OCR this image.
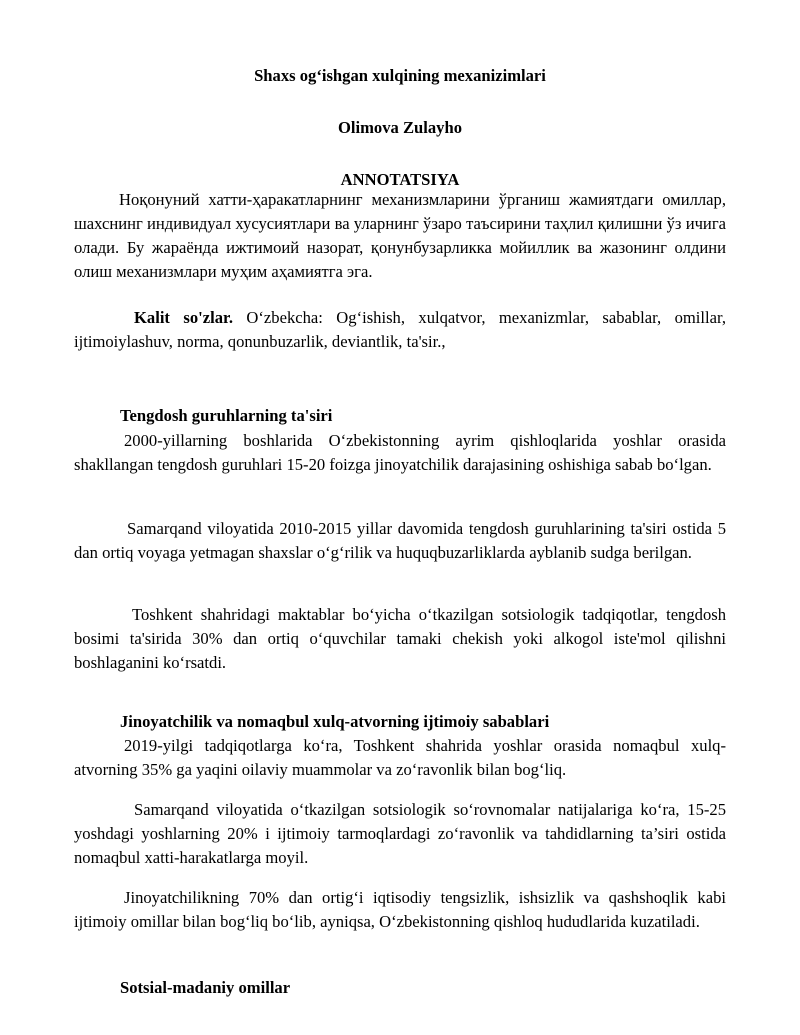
Shaxs og‘ishgan xulqining mexanizimlari
Olimova Zulayho
ANNOTATSIYA
Ноқонуний хатти-ҳаракатларнинг механизмларини ўрганиш жамиятдаги омиллар, шахснинг индивидуал хусусиятлари ва уларнинг ўзаро таъсирини таҳлил қилишни ўз ичига олади. Бу жараёнда ижтимоий назорат, қонунбузарликка мойиллик ва жазонинг олдини олиш механизмлари муҳим аҳамиятга эга.
Kalit so'zlar. O‘zbekcha: Og‘ishish, xulqatvor, mexanizmlar, sabablar, omillar, ijtimoiylashuv, norma, qonunbuzarlik, deviantlik, ta'sir.,
Tengdosh guruhlarning ta'siri
2000-yillarning boshlarida O‘zbekistonning ayrim qishloqlarida yoshlar orasida shakllangan tengdosh guruhlari 15-20 foizga jinoyatchilik darajasining oshishiga sabab bo‘lgan.
Samarqand viloyatida 2010-2015 yillar davomida tengdosh guruhlarining ta'siri ostida 5 dan ortiq voyaga yetmagan shaxslar o‘g‘rilik va huquqbuzarliklarda ayblanib sudga berilgan.
Toshkent shahridagi maktablar bo‘yicha o‘tkazilgan sotsiologik tadqiqotlar, tengdosh bosimi ta'sirida 30% dan ortiq o‘quvchilar tamaki chekish yoki alkogol iste'mol qilishni boshlaganini ko‘rsatdi.
Jinoyatchilik va nomaqbul xulq-atvorning ijtimoiy sabablari
2019-yilgi tadqiqotlarga ko‘ra, Toshkent shahrida yoshlar orasida nomaqbul xulq-atvorning 35% ga yaqini oilaviy muammolar va zo‘ravonlik bilan bog‘liq.
Samarqand viloyatida o‘tkazilgan sotsiologik so‘rovnomalar natijalariga ko‘ra, 15-25 yoshdagi yoshlarning 20% i ijtimoiy tarmoqlardagi zo‘ravonlik va tahdidlarning ta’siri ostida nomaqbul xatti-harakatlarga moyil.
Jinoyatchilikning 70% dan ortig‘i iqtisodiy tengsizlik, ishsizlik va qashshoqlik kabi ijtimoiy omillar bilan bog‘liq bo‘lib, ayniqsa, O‘zbekistonning qishloq hududlarida kuzatiladi.
Sotsial-madaniy omillar
